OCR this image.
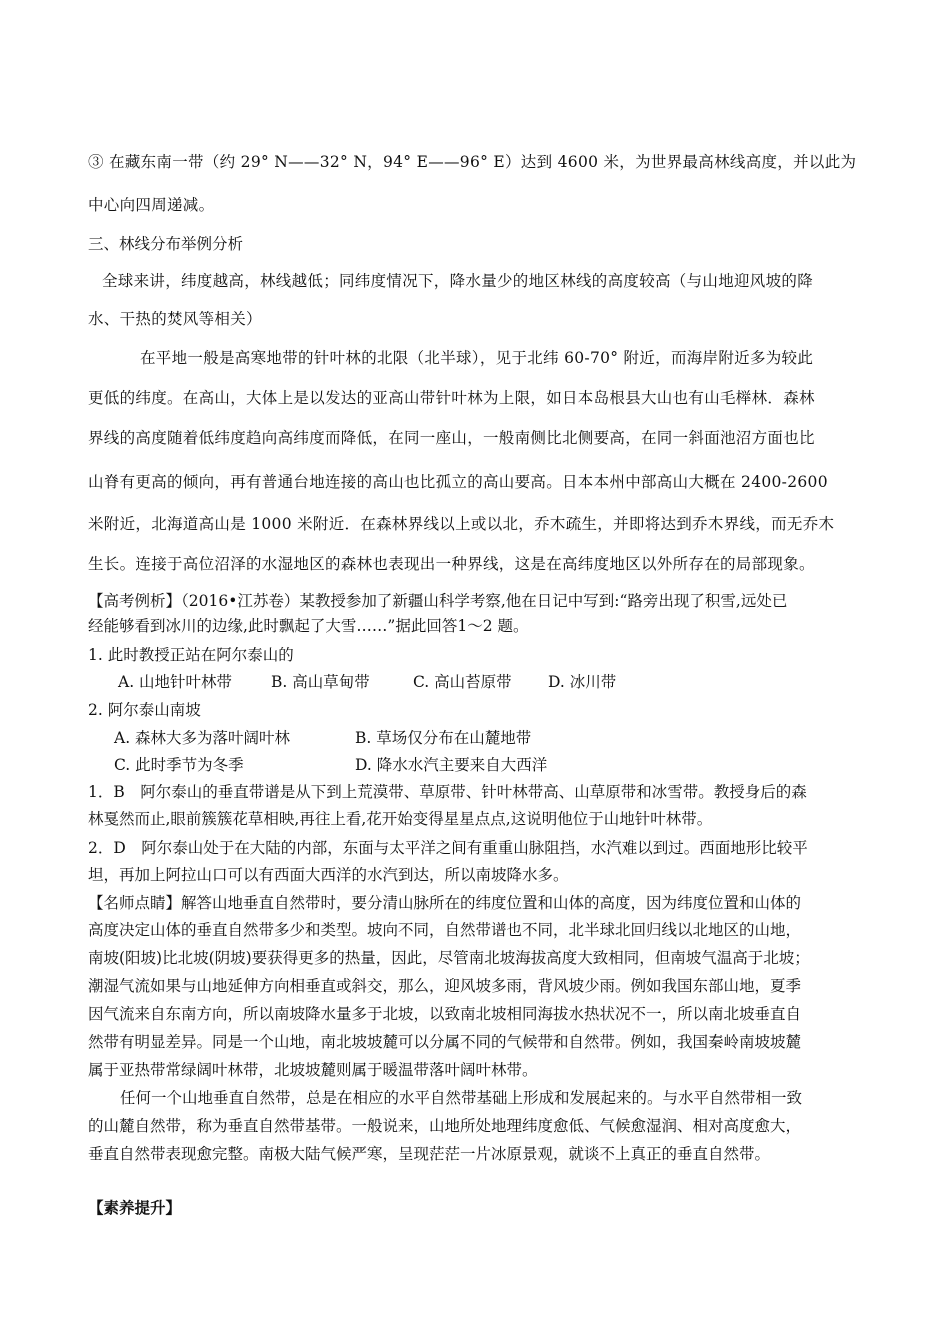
③ 在藏东南一带（约 29° N——32° N，94° E——96° E）达到 4600 米，为世界最高林线高度，并以此为
中心向四周递减。
三、林线分布举例分析
全球来讲，纬度越高，林线越低；同纬度情况下，降水量少的地区林线的高度较高（与山地迎风坡的降
水、干热的焚风等相关）
在平地一般是高寒地带的针叶林的北限（北半球），见于北纬 60-70° 附近，而海岸附近多为较此
更低的纬度。在高山，大体上是以发达的亚高山带针叶林为上限，如日本岛根县大山也有山毛榉林．森林
界线的高度随着低纬度趋向高纬度而降低，在同一座山，一般南侧比北侧要高，在同一斜面池沼方面也比
山脊有更高的倾向，再有普通台地连接的高山也比孤立的高山要高。日本本州中部高山大概在 2400-2600
米附近，北海道高山是 1000 米附近．在森林界线以上或以北，乔木疏生，并即将达到乔木界线，而无乔木
生长。连接于高位沼泽的水湿地区的森林也表现出一种界线，这是在高纬度地区以外所存在的局部现象。
【高考例析】（2016•江苏卷）某教授参加了新疆山科学考察,他在日记中写到:“路旁出现了积雪,远处已
经能够看到冰川的边缘,此时飘起了大雪……”据此回答1～2 题。
1. 此时教授正站在阿尔泰山的
A. 山地针叶林带	B. 高山草甸带	C. 高山苔原带 D. 冰川带
2. 阿尔泰山南坡
A. 森林大多为落叶阔叶林	B. 草场仅分布在山麓地带
C. 此时季节为冬季	D. 降水水汽主要来自大西洋
1．B　阿尔泰山的垂直带谱是从下到上荒漠带、草原带、针叶林带高、山草原带和冰雪带。教授身后的森
林戛然而止,眼前簇簇花草相映,再往上看,花开始变得星星点点,这说明他位于山地针叶林带。
2．D　阿尔泰山处于在大陆的内部，东面与太平洋之间有重重山脉阻挡，水汽难以到过。西面地形比较平
坦，再加上阿拉山口可以有西面大西洋的水汽到达，所以南坡降水多。
【名师点睛】解答山地垂直自然带时，要分清山脉所在的纬度位置和山体的高度，因为纬度位置和山体的
高度决定山体的垂直自然带多少和类型。坡向不同，自然带谱也不同，北半球北回归线以北地区的山地，
南坡(阳坡)比北坡(阴坡)要获得更多的热量，因此，尽管南北坡海拔高度大致相同，但南坡气温高于北坡；
潮湿气流如果与山地延伸方向相垂直或斜交，那么，迎风坡多雨，背风坡少雨。例如我国东部山地，夏季
因气流来自东南方向，所以南坡降水量多于北坡，以致南北坡相同海拔水热状况不一，所以南北坡垂直自
然带有明显差异。同是一个山地，南北坡坡麓可以分属不同的气候带和自然带。例如，我国秦岭南坡坡麓
属于亚热带常绿阔叶林带，北坡坡麓则属于暖温带落叶阔叶林带。
任何一个山地垂直自然带，总是在相应的水平自然带基础上形成和发展起来的。与水平自然带相一致
的山麓自然带，称为垂直自然带基带。一般说来，山地所处地理纬度愈低、气候愈湿润、相对高度愈大，
垂直自然带表现愈完整。南极大陆气候严寒，呈现茫茫一片冰原景观，就谈不上真正的垂直自然带。
【素养提升】
